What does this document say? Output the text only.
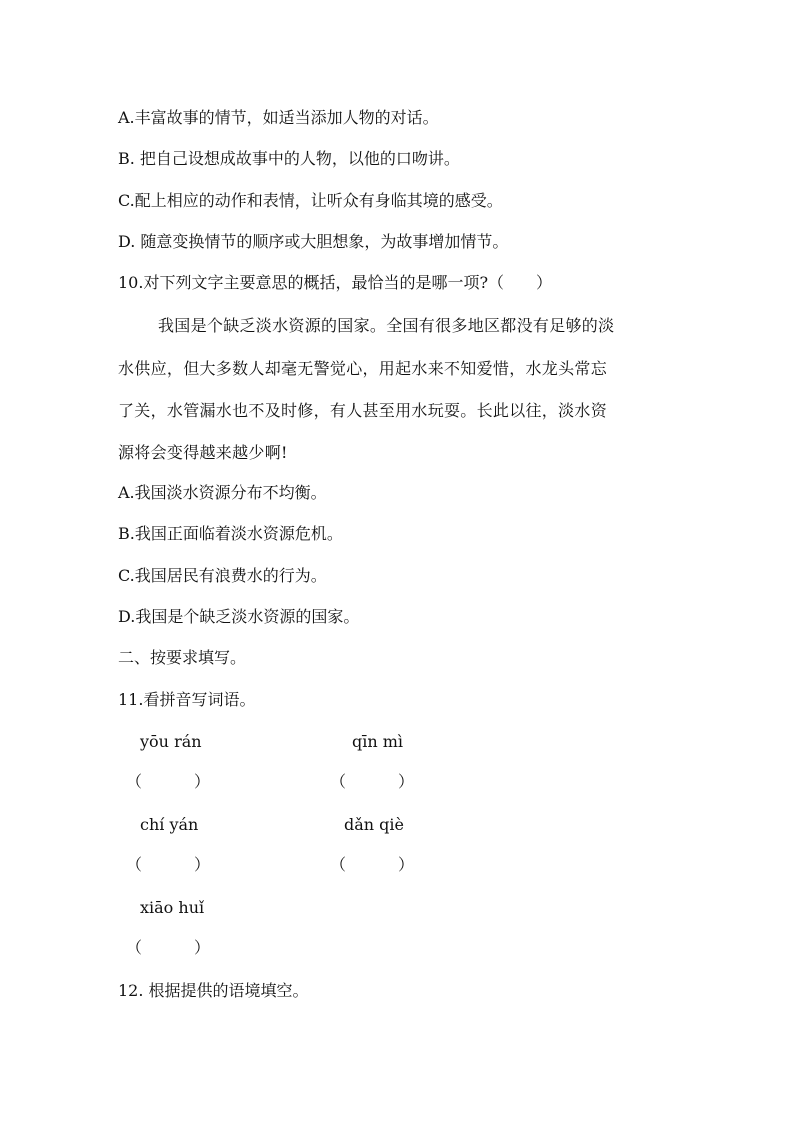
A.丰富故事的情节，如适当添加人物的对话。
B. 把自己设想成故事中的人物，以他的口吻讲。
C.配上相应的动作和表情，让听众有身临其境的感受。
D. 随意变换情节的顺序或大胆想象，为故事增加情节。
10.对下列文字主要意思的概括，最恰当的是哪一项?（　　）
我国是个缺乏淡水资源的国家。全国有很多地区都没有足够的淡
水供应，但大多数人却毫无警觉心，用起水来不知爱惜，水龙头常忘
了关，水管漏水也不及时修，有人甚至用水玩耍。长此以往，淡水资
源将会变得越来越少啊!
A.我国淡水资源分布不均衡。
B.我国正面临着淡水资源危机。
C.我国居民有浪费水的行为。
D.我国是个缺乏淡水资源的国家。
二、按要求填写。
11.看拼音写词语。
yōu rán	qīn mì
（	）	（	）
chí yán	dǎn qiè
（	）	（	）
xiāo huǐ
（	）
12. 根据提供的语境填空。
